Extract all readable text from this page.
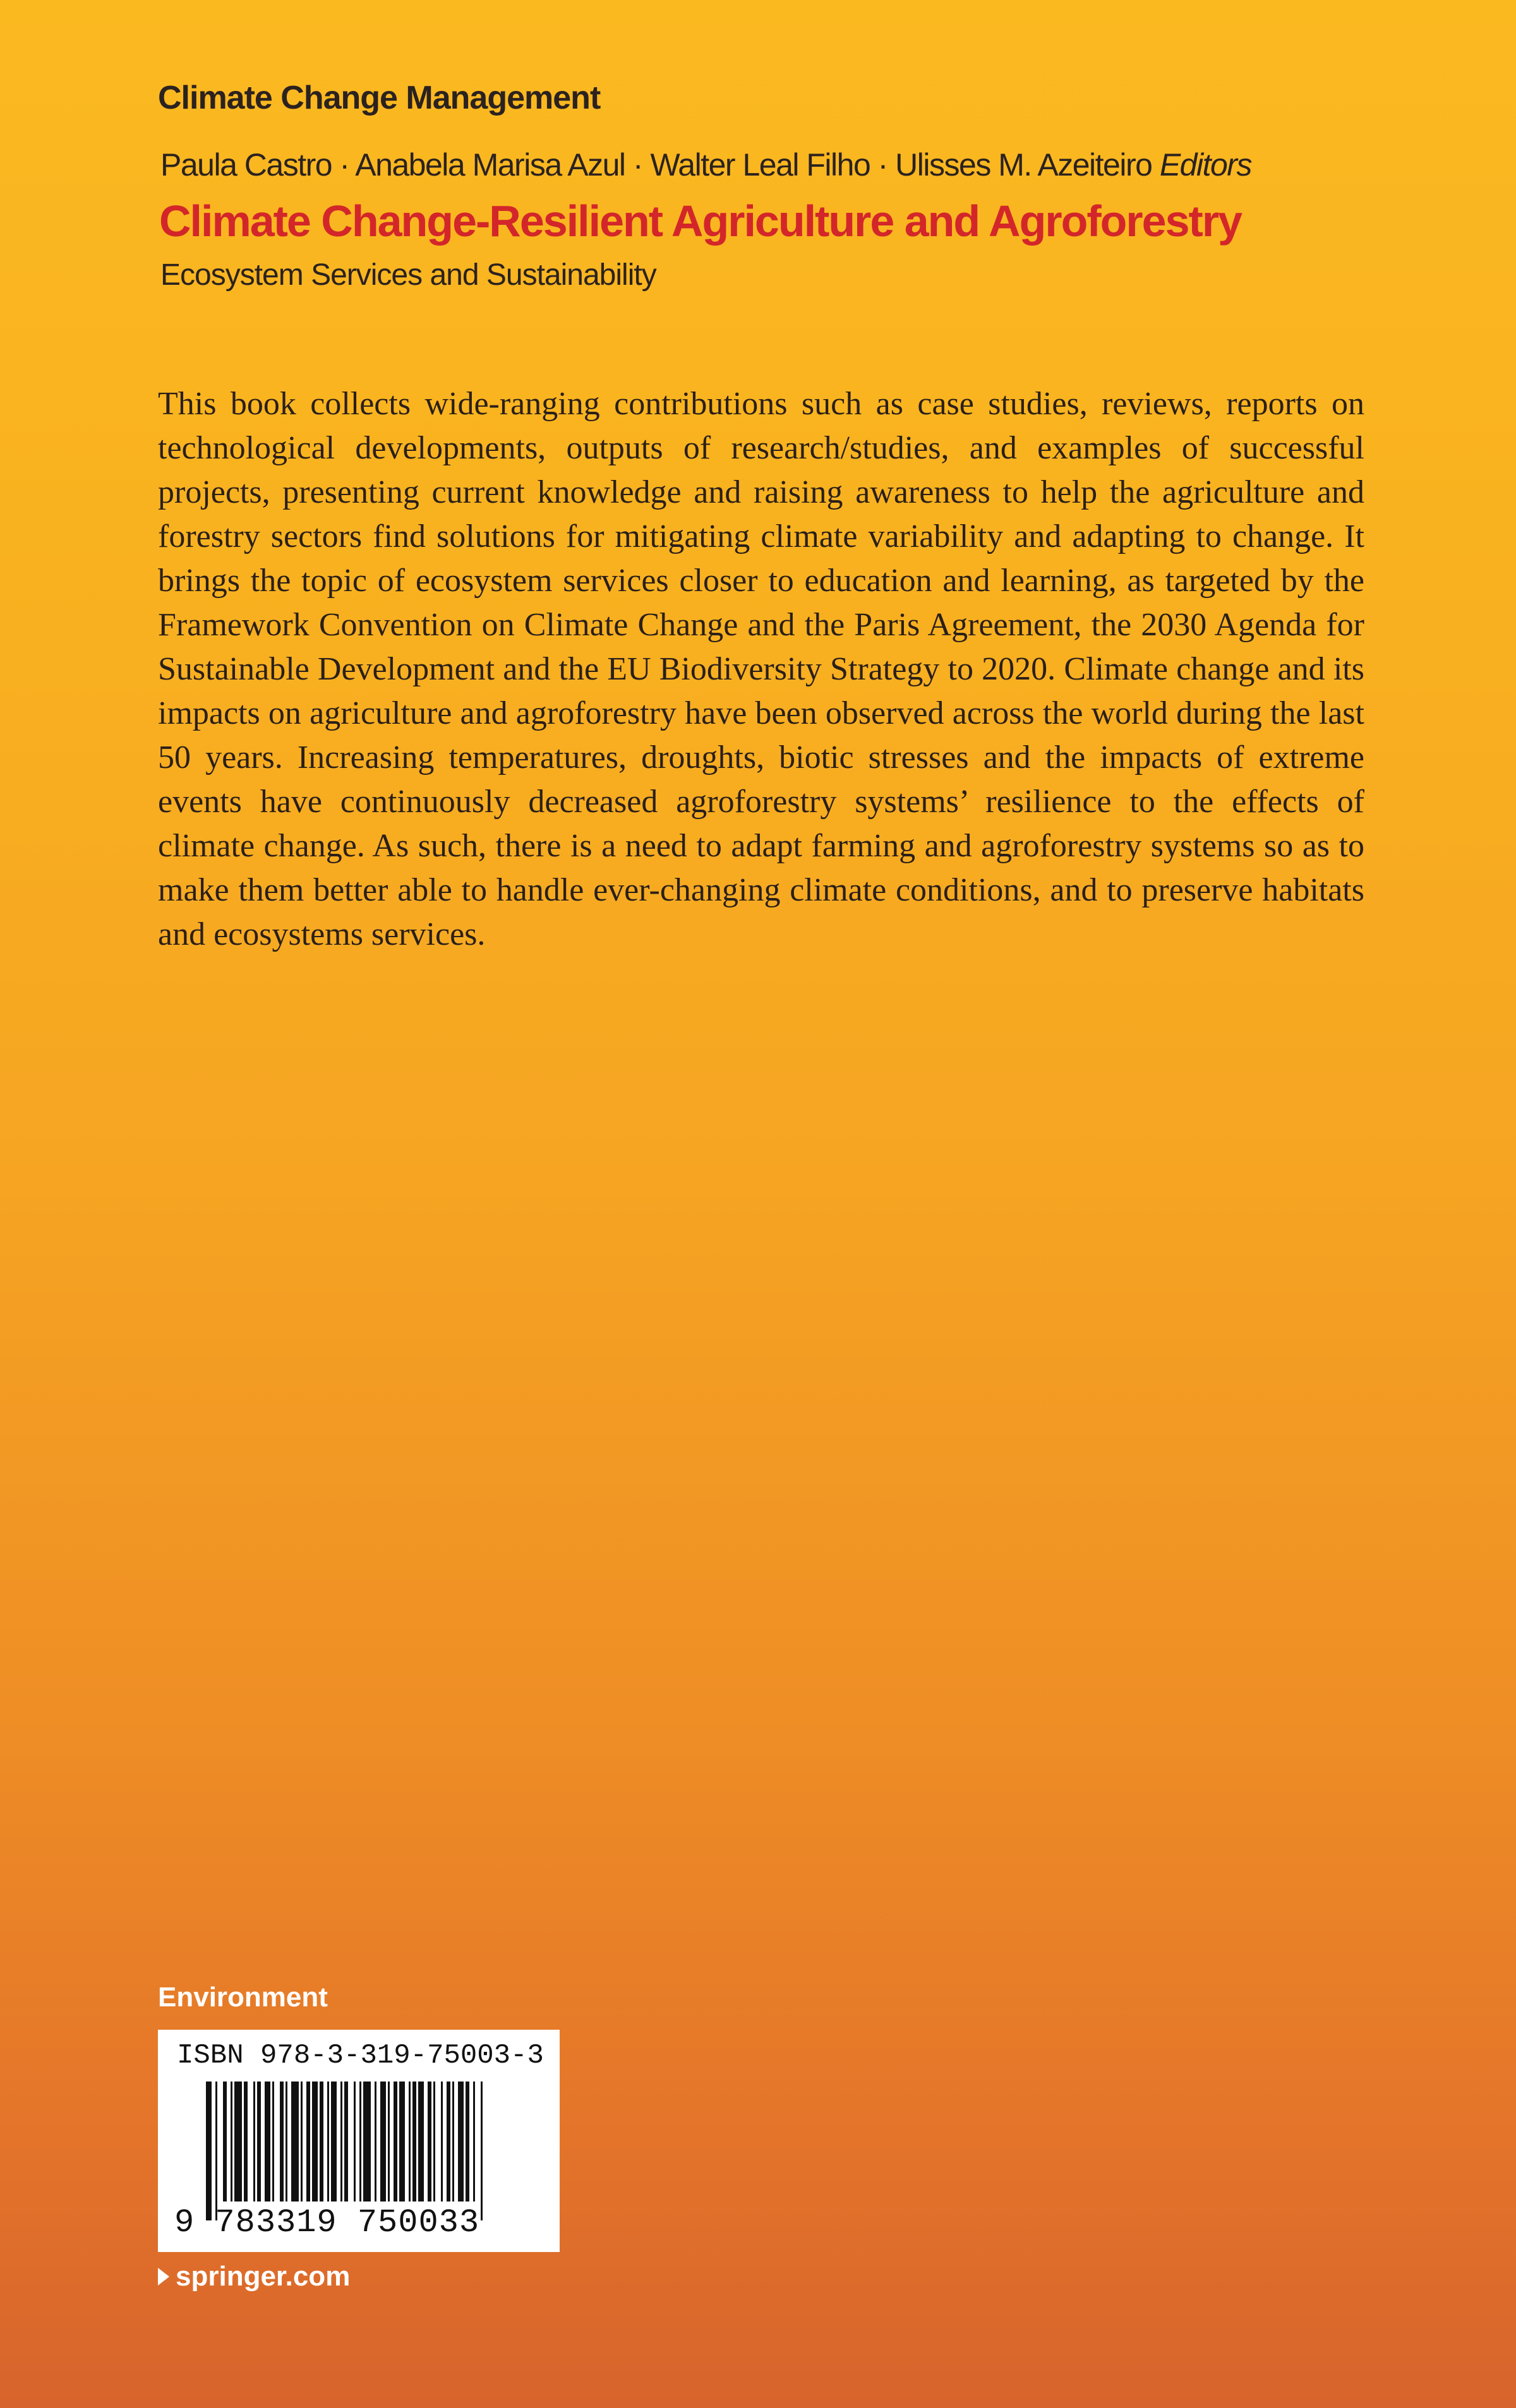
Climate Change Management
Paula Castro · Anabela Marisa Azul · Walter Leal Filho · Ulisses M. Azeiteiro Editors
Climate Change-Resilient Agriculture and Agroforestry
Ecosystem Services and Sustainability

This book collects wide-ranging contributions such as case studies, reviews, reports on technological developments, outputs of research/studies, and examples of successful projects, presenting current knowledge and raising awareness to help the agriculture and forestry sectors find solutions for mitigating climate variability and adapting to change. It brings the topic of ecosystem services closer to education and learning, as targeted by the Framework Convention on Climate Change and the Paris Agreement, the 2030 Agenda for Sustainable Development and the EU Biodiversity Strategy to 2020. Climate change and its impacts on agriculture and agroforestry have been observed across the world during the last 50 years. Increasing temperatures, droughts, biotic stresses and the impacts of extreme events have continuously decreased agroforestry systems’ resilience to the effects of climate change. As such, there is a need to adapt farming and agroforestry systems so as to make them better able to handle ever-changing climate conditions, and to preserve habitats and ecosystems services.

Environment
ISBN 978-3-319-75003-3
9 783319 750033
springer.com
